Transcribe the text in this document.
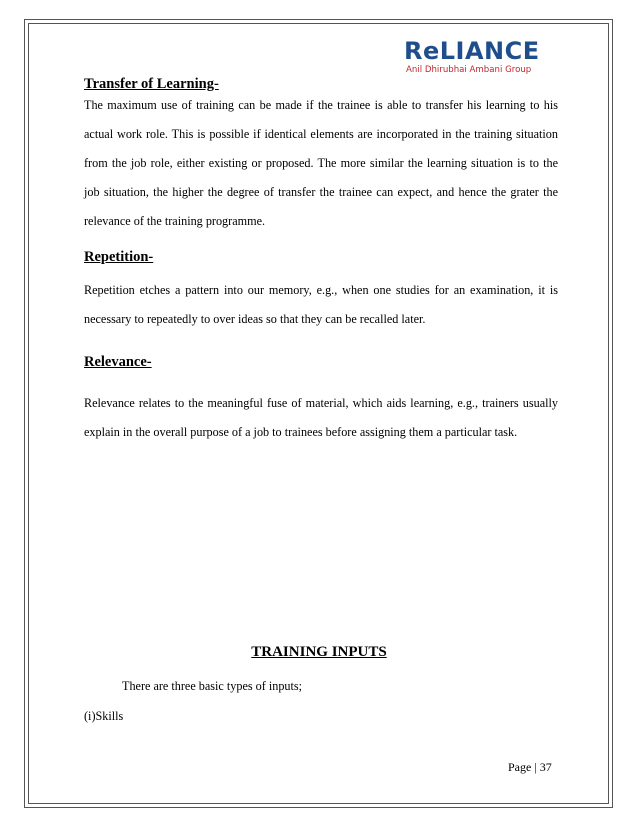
ReLIANCE
Anil Dhirubhai Ambani Group
Transfer of Learning-

The maximum use of training can be made if the trainee is able to transfer his learning to his actual work role. This is possible if identical elements are incorporated in the training situation from the job role, either existing or proposed. The more similar the learning situation is to the job situation, the higher the degree of transfer the trainee can expect, and hence the grater the relevance of the training programme.

Repetition-

Repetition etches a pattern into our memory, e.g., when one studies for an examination, it is necessary to repeatedly to over ideas so that they can be recalled later.

Relevance-

Relevance relates to the meaningful fuse of material, which aids learning, e.g., trainers usually explain in the overall purpose of a job to trainees before assigning them a particular task.

TRAINING INPUTS
There are three basic types of inputs;
(i)Skills
Page | 37
